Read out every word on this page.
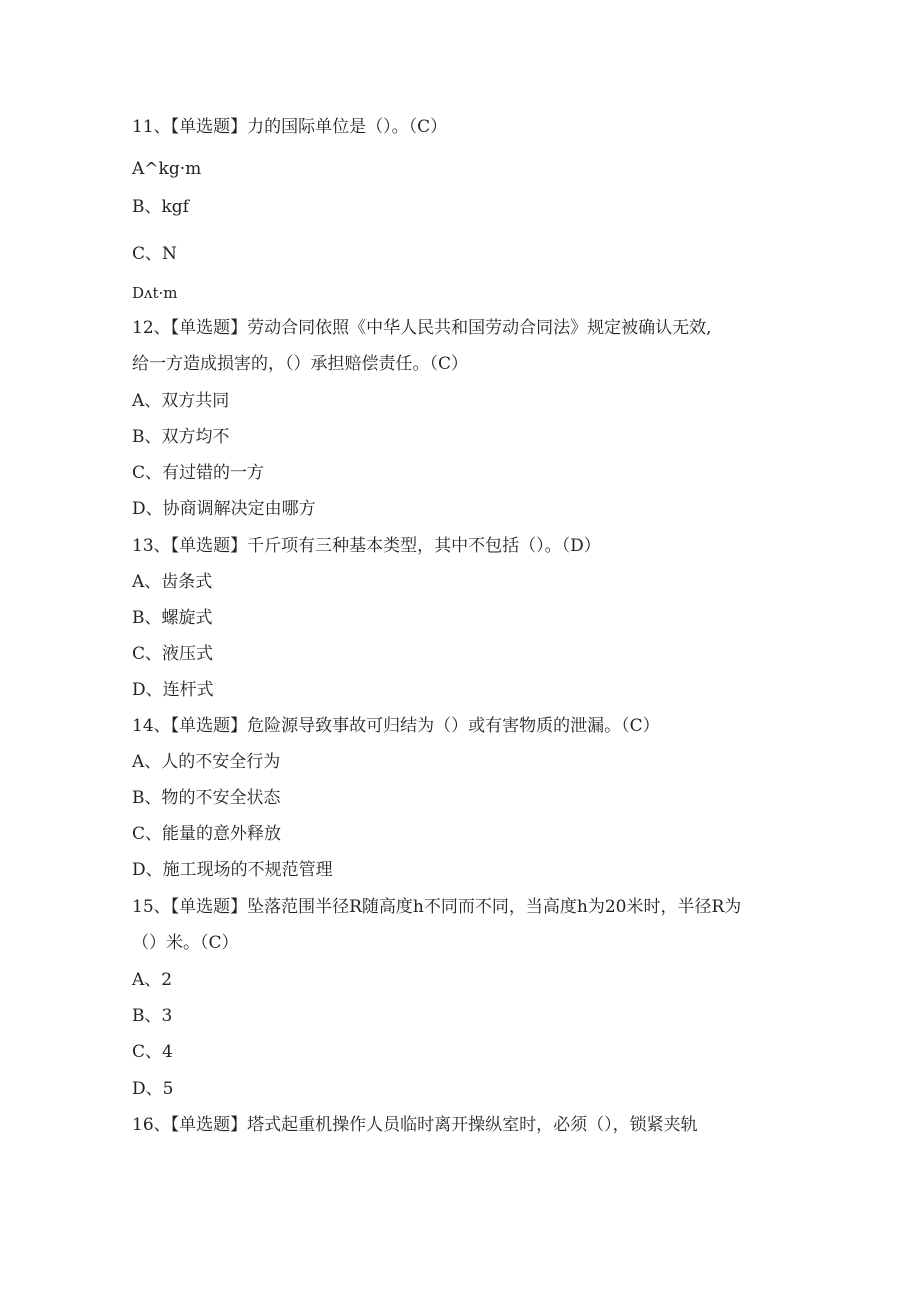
11、【单选题】力的国际单位是（）。（C）
A^kg·m
B、kgf
C、N
Dʌt·m
12、【单选题】劳动合同依照《中华人民共和国劳动合同法》规定被确认无效,
给一方造成损害的，（）承担赔偿责任。（C）
A、双方共同
B、双方均不
C、有过错的一方
D、协商调解决定由哪方
13、【单选题】千斤项有三种基本类型，其中不包括（）。（D）
A、齿条式
B、螺旋式
C、液压式
D、连杆式
14、【单选题】危险源导致事故可归结为（）或有害物质的泄漏。（C）
A、人的不安全行为
B、物的不安全状态
C、能量的意外释放
D、施工现场的不规范管理
15、【单选题】坠落范围半径R随高度h不同而不同，当高度h为20米时，半径R为
（）米。（C）
A、2
B、3
C、4
D、5
16、【单选题】塔式起重机操作人员临时离开操纵室时，必须（），锁紧夹轨
